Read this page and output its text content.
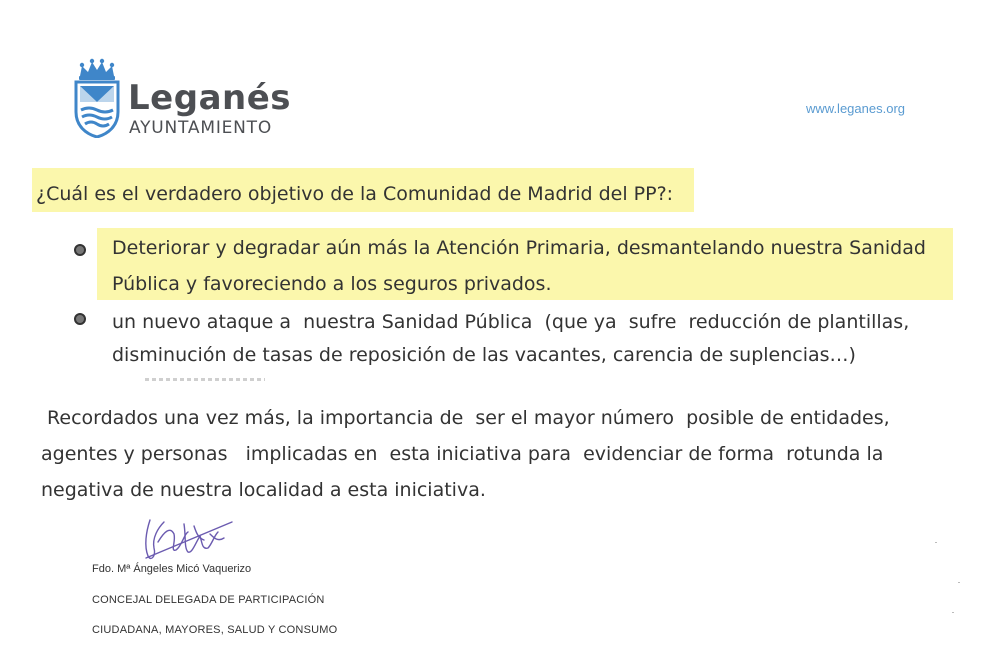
Leganés
AYUNTAMIENTO
www.leganes.org
¿Cuál es el verdadero objetivo de la Comunidad de Madrid del PP?:
Deteriorar y degradar aún más la Atención Primaria, desmantelando nuestra Sanidad
Pública y favoreciendo a los seguros privados.
un nuevo ataque a  nuestra Sanidad Pública  (que ya  sufre  reducción de plantillas,
disminución de tasas de reposición de las vacantes, carencia de suplencias…)
Recordados una vez más, la importancia de  ser el mayor número  posible de entidades,
agentes y personas   implicadas en  esta iniciativa para  evidenciar de forma  rotunda la
negativa de nuestra localidad a esta iniciativa.
Fdo. Mª Ángeles Micó Vaquerizo
CONCEJAL DELEGADA DE PARTICIPACIÓN
CIUDADANA, MAYORES, SALUD Y CONSUMO
